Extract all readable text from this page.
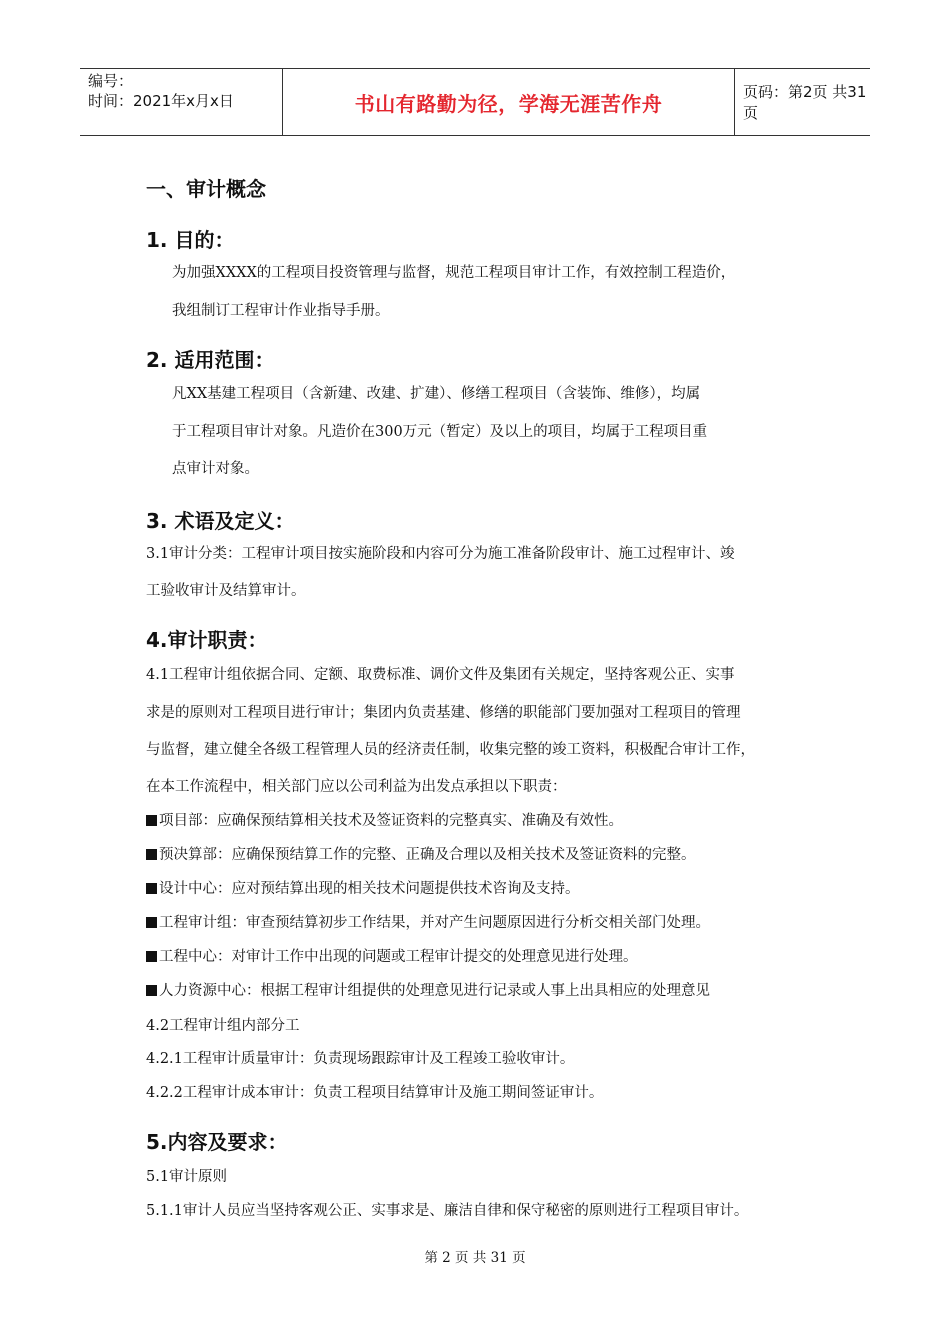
编号：
时间：2021年x月x日	书山有路勤为径，学海无涯苦作舟	页码：第2页 共31页
一、审计概念
1. 目的：
为加强XXXX的工程项目投资管理与监督，规范工程项目审计工作，有效控制工程造价，
我组制订工程审计作业指导手册。
2. 适用范围：
凡XX基建工程项目（含新建、改建、扩建）、修缮工程项目（含装饰、维修），均属
于工程项目审计对象。凡造价在300万元（暂定）及以上的项目，均属于工程项目重
点审计对象。
3. 术语及定义：
3.1审计分类：工程审计项目按实施阶段和内容可分为施工准备阶段审计、施工过程审计、竣
工验收审计及结算审计。
4.审计职责：
4.1工程审计组依据合同、定额、取费标准、调价文件及集团有关规定，坚持客观公正、实事
求是的原则对工程项目进行审计；集团内负责基建、修缮的职能部门要加强对工程项目的管理
与监督，建立健全各级工程管理人员的经济责任制，收集完整的竣工资料，积极配合审计工作，
在本工作流程中，相关部门应以公司利益为出发点承担以下职责：
项目部：应确保预结算相关技术及签证资料的完整真实、准确及有效性。
预决算部：应确保预结算工作的完整、正确及合理以及相关技术及签证资料的完整。
设计中心：应对预结算出现的相关技术问题提供技术咨询及支持。
工程审计组：审查预结算初步工作结果，并对产生问题原因进行分析交相关部门处理。
工程中心：对审计工作中出现的问题或工程审计提交的处理意见进行处理。
人力资源中心：根据工程审计组提供的处理意见进行记录或人事上出具相应的处理意见
4.2工程审计组内部分工
4.2.1工程审计质量审计：负责现场跟踪审计及工程竣工验收审计。
4.2.2工程审计成本审计：负责工程项目结算审计及施工期间签证审计。
5.内容及要求：
5.1审计原则
5.1.1审计人员应当坚持客观公正、实事求是、廉洁自律和保守秘密的原则进行工程项目审计。
第 2 页 共 31 页
